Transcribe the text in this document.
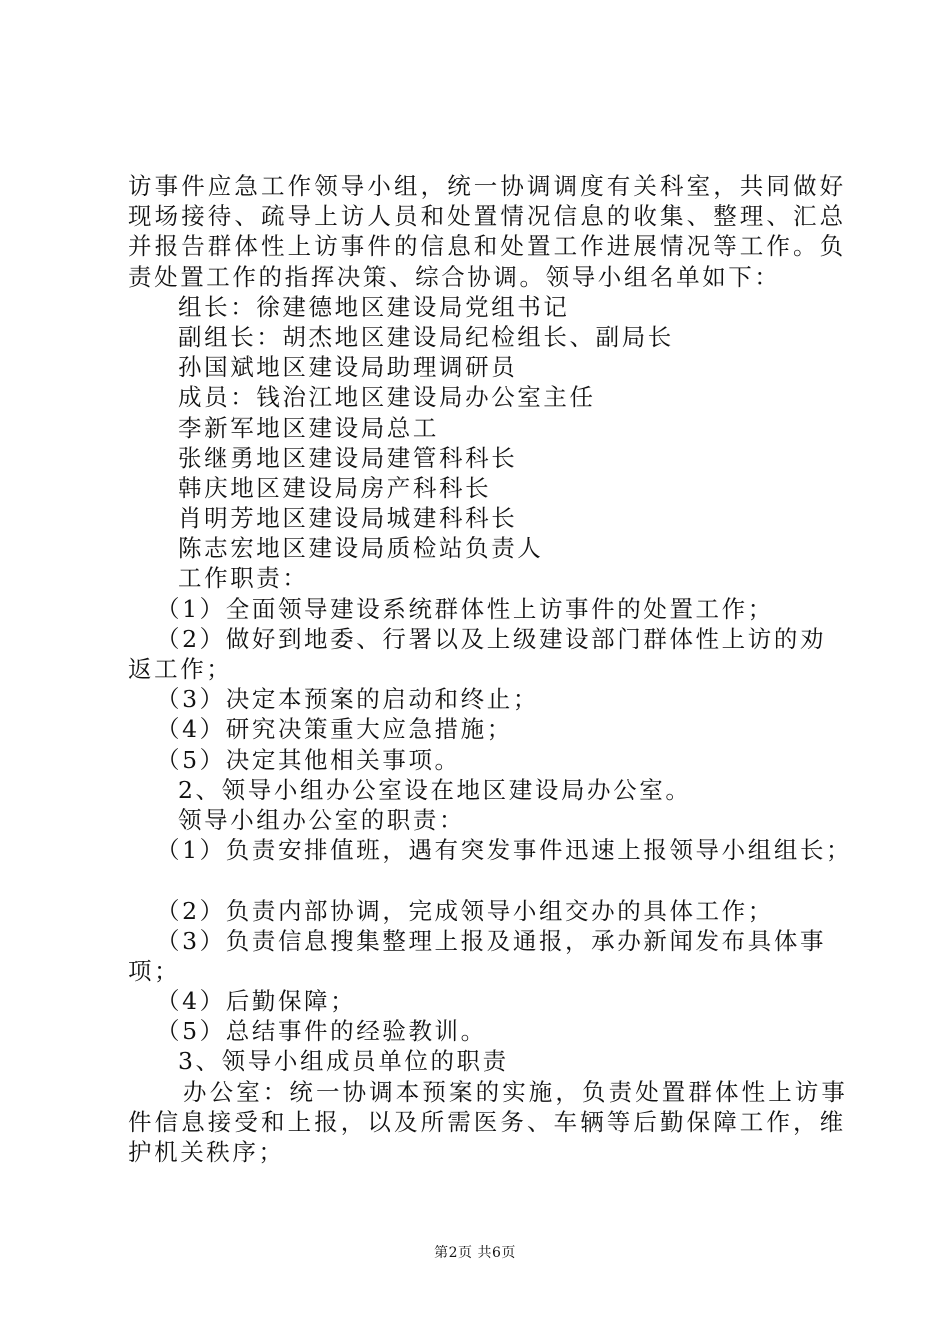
访事件应急工作领导小组，统一协调调度有关科室，共同做好
现场接待、疏导上访人员和处置情况信息的收集、整理、汇总
并报告群体性上访事件的信息和处置工作进展情况等工作。负
责处置工作的指挥决策、综合协调。领导小组名单如下：
组长：徐建德地区建设局党组书记
副组长：胡杰地区建设局纪检组长、副局长
孙国斌地区建设局助理调研员
成员：钱治江地区建设局办公室主任
李新军地区建设局总工
张继勇地区建设局建管科科长
韩庆地区建设局房产科科长
肖明芳地区建设局城建科科长
陈志宏地区建设局质检站负责人
工作职责：
（1）全面领导建设系统群体性上访事件的处置工作；
（2）做好到地委、行署以及上级建设部门群体性上访的劝
返工作；
（3）决定本预案的启动和终止；
（4）研究决策重大应急措施；
（5）决定其他相关事项。
2、领导小组办公室设在地区建设局办公室。
领导小组办公室的职责：
（1）负责安排值班，遇有突发事件迅速上报领导小组组长；
（2）负责内部协调，完成领导小组交办的具体工作；
（3）负责信息搜集整理上报及通报，承办新闻发布具体事
项；
（4）后勤保障；
（5）总结事件的经验教训。
3、领导小组成员单位的职责
办公室：统一协调本预案的实施，负责处置群体性上访事
件信息接受和上报，以及所需医务、车辆等后勤保障工作，维
护机关秩序；
第2页 共6页
